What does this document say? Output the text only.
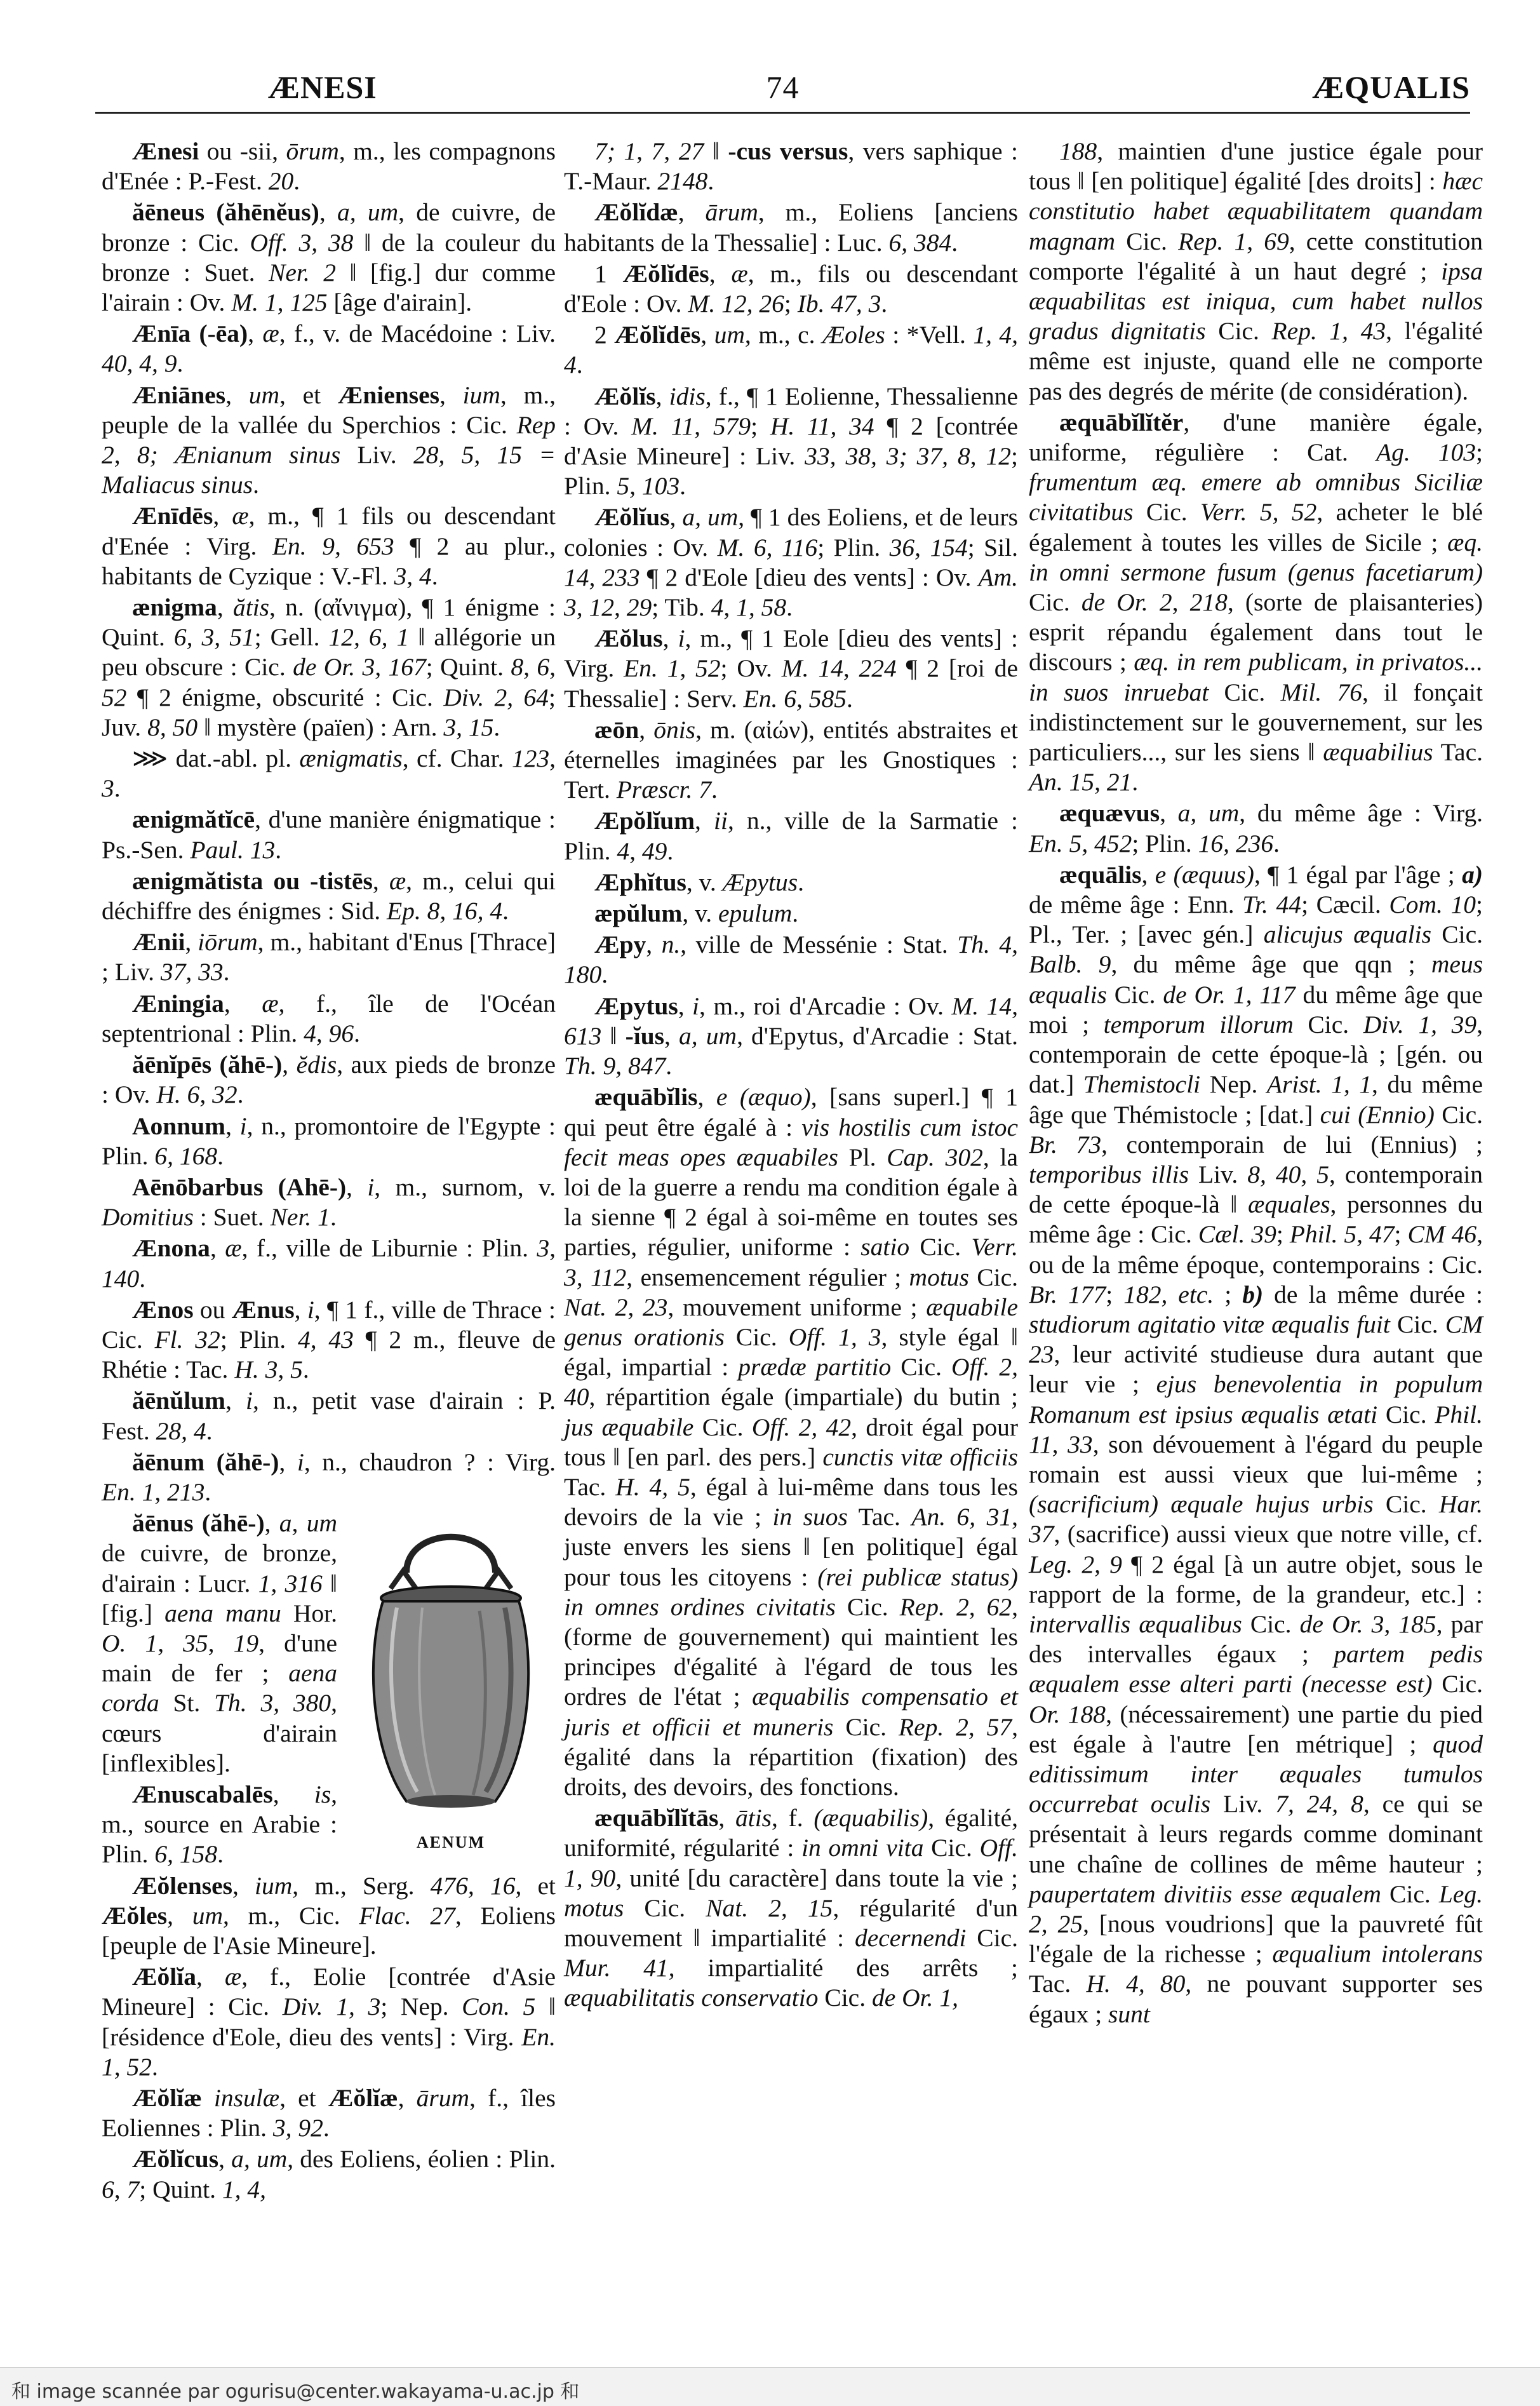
ÆNESI	74	ÆQUALIS

Ænesi ou -sii, ōrum, m., les compagnons d'Enée : P.-Fest. 20.

ăēneus (ăhēnĕus), a, um, de cuivre, de bronze : Cic. Off. 3, 38 ‖ de la couleur du bronze : Suet. Ner. 2 ‖ [fig.] dur comme l'airain : Ov. M. 1, 125 [âge d'airain].

Ænīa (-ēa), æ, f., v. de Macédoine : Liv. 40, 4, 9.

Æniānes, um, et Ænienses, ium, m., peuple de la vallée du Sperchios : Cic. Rep 2, 8; Ænianum sinus Liv. 28, 5, 15 = Maliacus sinus.

Ænīdēs, æ, m., ¶ 1 fils ou descendant d'Enée : Virg. En. 9, 653 ¶ 2 au plur., habitants de Cyzique : V.-Fl. 3, 4.

ænigma, ătis, n. (αἴνιγμα), ¶ 1 énigme : Quint. 6, 3, 51; Gell. 12, 6, 1 ‖ allégorie un peu obscure : Cic. de Or. 3, 167; Quint. 8, 6, 52 ¶ 2 énigme, obscurité : Cic. Div. 2, 64; Juv. 8, 50 ‖ mystère (païen) : Arn. 3, 15.

⋙ dat.-abl. pl. ænigmatis, cf. Char. 123, 3.

ænigmătĭcē, d'une manière énigmatique : Ps.-Sen. Paul. 13.

ænigmătista ou -tistēs, æ, m., celui qui déchiffre des énigmes : Sid. Ep. 8, 16, 4.

Ænii, iōrum, m., habitant d'Enus [Thrace] ; Liv. 37, 33.

Æningia, æ, f., île de l'Océan septentrional : Plin. 4, 96.

ăēnĭpēs (ăhē-), ĕdis, aux pieds de bronze : Ov. H. 6, 32.

Aonnum, i, n., promontoire de l'Egypte : Plin. 6, 168.

Aēnōbarbus (Ahē-), i, m., surnom, v. Domitius : Suet. Ner. 1.

Ænona, æ, f., ville de Liburnie : Plin. 3, 140.

Ænos ou Ænus, i, ¶ 1 f., ville de Thrace : Cic. Fl. 32; Plin. 4, 43 ¶ 2 m., fleuve de Rhétie : Tac. H. 3, 5.

ăēnŭlum, i, n., petit vase d'airain : P. Fest. 28, 4.

ăēnum (ăhē-), i, n., chaudron ? : Virg. En. 1, 213.

AENUM

ăēnus (ăhē-), a, um de cuivre, de bronze, d'airain : Lucr. 1, 316 ‖ [fig.] aena manu Hor. O. 1, 35, 19, d'une main de fer ; aena corda St. Th. 3, 380, cœurs d'airain [inflexibles].

Ænuscabalēs, is, m., source en Arabie : Plin. 6, 158.

Æŏlenses, ium, m., Serg. 476, 16, et Æŏles, um, m., Cic. Flac. 27, Eoliens [peuple de l'Asie Mineure].

Æŏlĭa, æ, f., Eolie [contrée d'Asie Mineure] : Cic. Div. 1, 3; Nep. Con. 5 ‖ [résidence d'Eole, dieu des vents] : Virg. En. 1, 52.

Æŏlĭæ insulæ, et Æŏlĭæ, ārum, f., îles Eoliennes : Plin. 3, 92.

Æŏlĭcus, a, um, des Eoliens, éolien : Plin. 6, 7; Quint. 1, 4,

7; 1, 7, 27 ‖ -cus versus, vers saphique : T.-Maur. 2148.

Æŏlĭdæ, ārum, m., Eoliens [anciens habitants de la Thessalie] : Luc. 6, 384.

1 Æŏlĭdēs, æ, m., fils ou descendant d'Eole : Ov. M. 12, 26; Ib. 47, 3.

2 Æŏlĭdēs, um, m., c. Æoles : *Vell. 1, 4, 4.

Æŏlĭs, idis, f., ¶ 1 Eolienne, Thessalienne : Ov. M. 11, 579; H. 11, 34 ¶ 2 [contrée d'Asie Mineure] : Liv. 33, 38, 3; 37, 8, 12; Plin. 5, 103.

Æŏlĭus, a, um, ¶ 1 des Eoliens, et de leurs colonies : Ov. M. 6, 116; Plin. 36, 154; Sil. 14, 233 ¶ 2 d'Eole [dieu des vents] : Ov. Am. 3, 12, 29; Tib. 4, 1, 58.

Æŏlus, i, m., ¶ 1 Eole [dieu des vents] : Virg. En. 1, 52; Ov. M. 14, 224 ¶ 2 [roi de Thessalie] : Serv. En. 6, 585.

æōn, ōnis, m. (αἰών), entités abstraites et éternelles imaginées par les Gnostiques : Tert. Præscr. 7.

Æpŏlĭum, ii, n., ville de la Sarmatie : Plin. 4, 49.

Æphĭtus, v. Æpytus.

æpŭlum, v. epulum.

Æpy, n., ville de Messénie : Stat. Th. 4, 180.

Æpytus, i, m., roi d'Arcadie : Ov. M. 14, 613 ‖ -ĭus, a, um, d'Epytus, d'Arcadie : Stat. Th. 9, 847.

æquābĭlis, e (æquo), [sans superl.] ¶ 1 qui peut être égalé à : vis hostilis cum istoc fecit meas opes æquabiles Pl. Cap. 302, la loi de la guerre a rendu ma condition égale à la sienne ¶ 2 égal à soi-même en toutes ses parties, régulier, uniforme : satio Cic. Verr. 3, 112, ensemencement régulier ; motus Cic. Nat. 2, 23, mouvement uniforme ; æquabile genus orationis Cic. Off. 1, 3, style égal ‖ égal, impartial : prædæ partitio Cic. Off. 2, 40, répartition égale (impartiale) du butin ; jus æquabile Cic. Off. 2, 42, droit égal pour tous ‖ [en parl. des pers.] cunctis vitæ officiis Tac. H. 4, 5, égal à lui-même dans tous les devoirs de la vie ; in suos Tac. An. 6, 31, juste envers les siens ‖ [en politique] égal pour tous les citoyens : (rei publicæ status) in omnes ordines civitatis Cic. Rep. 2, 62, (forme de gouvernement) qui maintient les principes d'égalité à l'égard de tous les ordres de l'état ; æquabilis compensatio et juris et officii et muneris Cic. Rep. 2, 57, égalité dans la répartition (fixation) des droits, des devoirs, des fonctions.

æquābĭlĭtās, ātis, f. (æquabilis), égalité, uniformité, régularité : in omni vita Cic. Off. 1, 90, unité [du caractère] dans toute la vie ; motus Cic. Nat. 2, 15, régularité d'un mouvement ‖ impartialité : decernendi Cic. Mur. 41, impartialité des arrêts ; æquabilitatis conservatio Cic. de Or. 1,

188, maintien d'une justice égale pour tous ‖ [en politique] égalité [des droits] : hæc constitutio habet æquabilitatem quandam magnam Cic. Rep. 1, 69, cette constitution comporte l'égalité à un haut degré ; ipsa æquabilitas est iniqua, cum habet nullos gradus dignitatis Cic. Rep. 1, 43, l'égalité même est injuste, quand elle ne comporte pas des degrés de mérite (de considération).

æquābĭlĭtĕr, d'une manière égale, uniforme, régulière : Cat. Ag. 103; frumentum æq. emere ab omnibus Siciliæ civitatibus Cic. Verr. 5, 52, acheter le blé également à toutes les villes de Sicile ; æq. in omni sermone fusum (genus facetiarum) Cic. de Or. 2, 218, (sorte de plaisanteries) esprit répandu également dans tout le discours ; æq. in rem publicam, in privatos... in suos inruebat Cic. Mil. 76, il fonçait indistinctement sur le gouvernement, sur les particuliers..., sur les siens ‖ æquabilius Tac. An. 15, 21.

æquævus, a, um, du même âge : Virg. En. 5, 452; Plin. 16, 236.

æquālis, e (æquus), ¶ 1 égal par l'âge ; a) de même âge : Enn. Tr. 44; Cæcil. Com. 10; Pl., Ter. ; [avec gén.] alicujus æqualis Cic. Balb. 9, du même âge que qqn ; meus æqualis Cic. de Or. 1, 117 du même âge que moi ; temporum illorum Cic. Div. 1, 39, contemporain de cette époque-là ; [gén. ou dat.] Themistocli Nep. Arist. 1, 1, du même âge que Thémistocle ; [dat.] cui (Ennio) Cic. Br. 73, contemporain de lui (Ennius) ; temporibus illis Liv. 8, 40, 5, contemporain de cette époque-là ‖ æquales, personnes du même âge : Cic. Cæl. 39; Phil. 5, 47; CM 46, ou de la même époque, contemporains : Cic. Br. 177; 182, etc. ; b) de la même durée : studiorum agitatio vitæ æqualis fuit Cic. CM 23, leur activité studieuse dura autant que leur vie ; ejus benevolentia in populum Romanum est ipsius æqualis ætati Cic. Phil. 11, 33, son dévouement à l'égard du peuple romain est aussi vieux que lui-même ; (sacrificium) æquale hujus urbis Cic. Har. 37, (sacrifice) aussi vieux que notre ville, cf. Leg. 2, 9 ¶ 2 égal [à un autre objet, sous le rapport de la forme, de la grandeur, etc.] : intervallis æqualibus Cic. de Or. 3, 185, par des intervalles égaux ; partem pedis æqualem esse alteri parti (necesse est) Cic. Or. 188, (nécessairement) une partie du pied est égale à l'autre [en métrique] ; quod editissimum inter æquales tumulos occurrebat oculis Liv. 7, 24, 8, ce qui se présentait à leurs regards comme dominant une chaîne de collines de même hauteur ; paupertatem divitiis esse æqualem Cic. Leg. 2, 25, [nous voudrions] que la pauvreté fût l'égale de la richesse ; æqualium intolerans Tac. H. 4, 80, ne pouvant supporter ses égaux ; sunt

和 image scannée par ogurisu@center.wakayama-u.ac.jp 和
